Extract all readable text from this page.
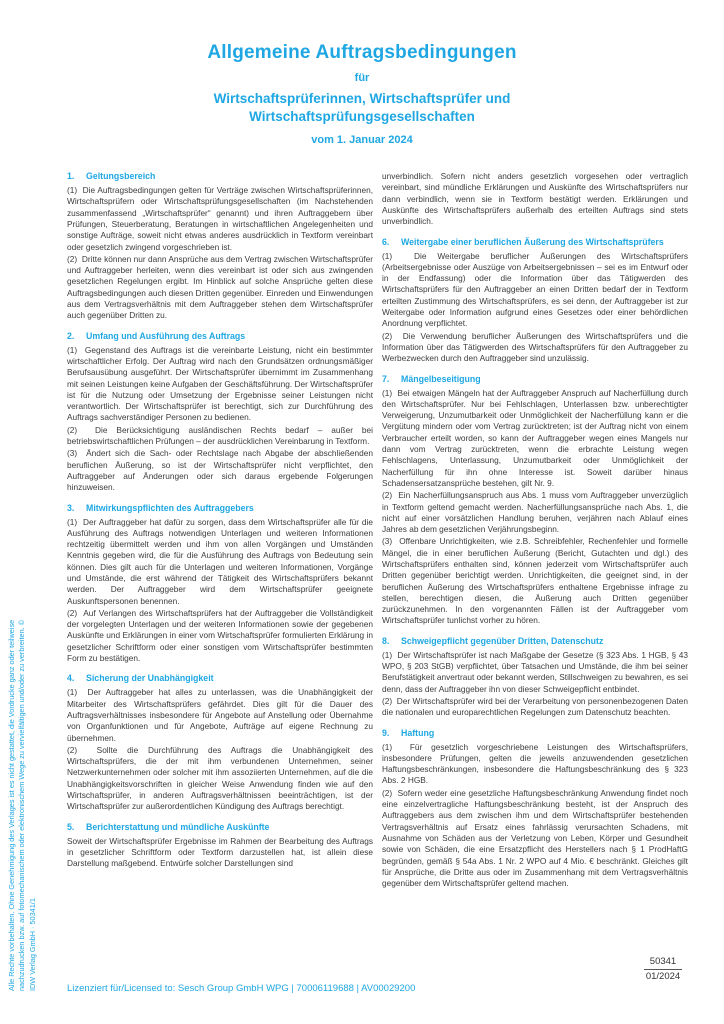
Alle Rechte vorbehalten. Ohne Genehmigung des Verlages ist es nicht gestattet, die Vordrucke ganz oder teilweise nachzudrucken bzw. auf fotomechanischem oder elektronischem Wege zu vervielfältigen und/oder zu verbreiten. © IDW Verlag GmbH · 50341/1
Allgemeine Auftragsbedingungen
für
Wirtschaftsprüferinnen, Wirtschaftsprüfer und
Wirtschaftsprüfungsgesellschaften
vom 1. Januar 2024
1.	Geltungsbereich

(1)  Die Auftragsbedingungen gelten für Verträge zwischen Wirtschaftsprüferinnen, Wirtschaftsprüfern oder Wirtschaftsprüfungsgesellschaften (im Nachstehenden zusammenfassend „Wirtschaftsprüfer“ genannt) und ihren Auftraggebern über Prüfungen, Steuerberatung, Beratungen in wirtschaftlichen Angelegenheiten und sonstige Aufträge, soweit nicht etwas anderes ausdrücklich in Textform vereinbart oder gesetzlich zwingend vorgeschrieben ist.

(2)  Dritte können nur dann Ansprüche aus dem Vertrag zwischen Wirtschaftsprüfer und Auftraggeber herleiten, wenn dies vereinbart ist oder sich aus zwingenden gesetzlichen Regelungen ergibt. Im Hinblick auf solche Ansprüche gelten diese Auftragsbedingungen auch diesen Dritten gegenüber. Einreden und Einwendungen aus dem Vertragsverhältnis mit dem Auftraggeber stehen dem Wirtschaftsprüfer auch gegenüber Dritten zu.

2.	Umfang und Ausführung des Auftrags

(1)  Gegenstand des Auftrags ist die vereinbarte Leistung, nicht ein bestimmter wirtschaftlicher Erfolg. Der Auftrag wird nach den Grundsätzen ordnungsmäßiger Berufsausübung ausgeführt. Der Wirtschaftsprüfer übernimmt im Zusammenhang mit seinen Leistungen keine Aufgaben der Geschäftsführung. Der Wirtschaftsprüfer ist für die Nutzung oder Umsetzung der Ergebnisse seiner Leistungen nicht verantwortlich. Der Wirtschaftsprüfer ist berechtigt, sich zur Durchführung des Auftrags sachverständiger Personen zu bedienen.

(2)  Die Berücksichtigung ausländischen Rechts bedarf – außer bei betriebswirtschaftlichen Prüfungen – der ausdrücklichen Vereinbarung in Textform.

(3)  Ändert sich die Sach- oder Rechtslage nach Abgabe der abschließenden beruflichen Äußerung, so ist der Wirtschaftsprüfer nicht verpflichtet, den Auftraggeber auf Änderungen oder sich daraus ergebende Folgerungen hinzuweisen.

3.	Mitwirkungspflichten des Auftraggebers

(1)  Der Auftraggeber hat dafür zu sorgen, dass dem Wirtschaftsprüfer alle für die Ausführung des Auftrags notwendigen Unterlagen und weiteren Informationen rechtzeitig übermittelt werden und ihm von allen Vorgängen und Umständen Kenntnis gegeben wird, die für die Ausführung des Auftrags von Bedeutung sein können. Dies gilt auch für die Unterlagen und weiteren Informationen, Vorgänge und Umstände, die erst während der Tätigkeit des Wirtschaftsprüfers bekannt werden. Der Auftraggeber wird dem Wirtschaftsprüfer geeignete Auskunftspersonen benennen.

(2)  Auf Verlangen des Wirtschaftsprüfers hat der Auftraggeber die Vollständigkeit der vorgelegten Unterlagen und der weiteren Informationen sowie der gegebenen Auskünfte und Erklärungen in einer vom Wirtschaftsprüfer formulierten Erklärung in gesetzlicher Schriftform oder einer sonstigen vom Wirtschaftsprüfer bestimmten Form zu bestätigen.

4.	Sicherung der Unabhängigkeit

(1)  Der Auftraggeber hat alles zu unterlassen, was die Unabhängigkeit der Mitarbeiter des Wirtschaftsprüfers gefährdet. Dies gilt für die Dauer des Auftragsverhältnisses insbesondere für Angebote auf Anstellung oder Übernahme von Organfunktionen und für Angebote, Aufträge auf eigene Rechnung zu übernehmen.

(2)  Sollte die Durchführung des Auftrags die Unabhängigkeit des Wirtschaftsprüfers, die der mit ihm verbundenen Unternehmen, seiner Netzwerkunternehmen oder solcher mit ihm assoziierten Unternehmen, auf die die Unabhängigkeitsvorschriften in gleicher Weise Anwendung finden wie auf den Wirtschaftsprüfer, in anderen Auftragsverhältnissen beeinträchtigen, ist der Wirtschaftsprüfer zur außerordentlichen Kündigung des Auftrags berechtigt.

5.	Berichterstattung und mündliche Auskünfte

Soweit der Wirtschaftsprüfer Ergebnisse im Rahmen der Bearbeitung des Auftrags in gesetzlicher Schriftform oder Textform darzustellen hat, ist allein diese Darstellung maßgebend. Entwürfe solcher Darstellungen sind

unverbindlich. Sofern nicht anders gesetzlich vorgesehen oder vertraglich vereinbart, sind mündliche Erklärungen und Auskünfte des Wirtschaftsprüfers nur dann verbindlich, wenn sie in Textform bestätigt werden. Erklärungen und Auskünfte des Wirtschaftsprüfers außerhalb des erteilten Auftrags sind stets unverbindlich.

6.	Weitergabe einer beruflichen Äußerung des Wirtschaftsprüfers

(1)  Die Weitergabe beruflicher Äußerungen des Wirtschaftsprüfers (Arbeitsergebnisse oder Auszüge von Arbeitsergebnissen – sei es im Entwurf oder in der Endfassung) oder die Information über das Tätigwerden des Wirtschaftsprüfers für den Auftraggeber an einen Dritten bedarf der in Textform erteilten Zustimmung des Wirtschaftsprüfers, es sei denn, der Auftraggeber ist zur Weitergabe oder Information aufgrund eines Gesetzes oder einer behördlichen Anordnung verpflichtet.

(2)  Die Verwendung beruflicher Äußerungen des Wirtschaftsprüfers und die Information über das Tätigwerden des Wirtschaftsprüfers für den Auftraggeber zu Werbezwecken durch den Auftraggeber sind unzulässig.

7.	Mängelbeseitigung

(1)  Bei etwaigen Mängeln hat der Auftraggeber Anspruch auf Nacherfüllung durch den Wirtschaftsprüfer. Nur bei Fehlschlagen, Unterlassen bzw. unberechtigter Verweigerung, Unzumutbarkeit oder Unmöglichkeit der Nacherfüllung kann er die Vergütung mindern oder vom Vertrag zurücktreten; ist der Auftrag nicht von einem Verbraucher erteilt worden, so kann der Auftraggeber wegen eines Mangels nur dann vom Vertrag zurücktreten, wenn die erbrachte Leistung wegen Fehlschlagens, Unterlassung, Unzumutbarkeit oder Unmöglichkeit der Nacherfüllung für ihn ohne Interesse ist. Soweit darüber hinaus Schadensersatzansprüche bestehen, gilt Nr. 9.

(2)  Ein Nacherfüllungsanspruch aus Abs. 1 muss vom Auftraggeber unverzüglich in Textform geltend gemacht werden. Nacherfüllungsansprüche nach Abs. 1, die nicht auf einer vorsätzlichen Handlung beruhen, verjähren nach Ablauf eines Jahres ab dem gesetzlichen Verjährungsbeginn.

(3)  Offenbare Unrichtigkeiten, wie z.B. Schreibfehler, Rechenfehler und formelle Mängel, die in einer beruflichen Äußerung (Bericht, Gutachten und dgl.) des Wirtschaftsprüfers enthalten sind, können jederzeit vom Wirtschaftsprüfer auch Dritten gegenüber berichtigt werden. Unrichtigkeiten, die geeignet sind, in der beruflichen Äußerung des Wirtschaftsprüfers enthaltene Ergebnisse infrage zu stellen, berechtigen diesen, die Äußerung auch Dritten gegenüber zurückzunehmen. In den vorgenannten Fällen ist der Auftraggeber vom Wirtschaftsprüfer tunlichst vorher zu hören.

8.	Schweigepflicht gegenüber Dritten, Datenschutz

(1)  Der Wirtschaftsprüfer ist nach Maßgabe der Gesetze (§ 323 Abs. 1 HGB, § 43 WPO, § 203 StGB) verpflichtet, über Tatsachen und Umstände, die ihm bei seiner Berufstätigkeit anvertraut oder bekannt werden, Stillschweigen zu bewahren, es sei denn, dass der Auftraggeber ihn von dieser Schweigepflicht entbindet.

(2)  Der Wirtschaftsprüfer wird bei der Verarbeitung von personenbezogenen Daten die nationalen und europarechtlichen Regelungen zum Datenschutz beachten.

9.	Haftung

(1)  Für gesetzlich vorgeschriebene Leistungen des Wirtschaftsprüfers, insbesondere Prüfungen, gelten die jeweils anzuwendenden gesetzlichen Haftungsbeschränkungen, insbesondere die Haftungsbeschränkung des § 323 Abs. 2 HGB.

(2)  Sofern weder eine gesetzliche Haftungsbeschränkung Anwendung findet noch eine einzelvertragliche Haftungsbeschränkung besteht, ist der Anspruch des Auftraggebers aus dem zwischen ihm und dem Wirtschaftsprüfer bestehenden Vertragsverhältnis auf Ersatz eines fahrlässig verursachten Schadens, mit Ausnahme von Schäden aus der Verletzung von Leben, Körper und Gesundheit sowie von Schäden, die eine Ersatzpflicht des Herstellers nach § 1 ProdHaftG begründen, gemäß § 54a Abs. 1 Nr. 2 WPO auf 4 Mio. € beschränkt. Gleiches gilt für Ansprüche, die Dritte aus oder im Zusammenhang mit dem Vertragsverhältnis gegenüber dem Wirtschaftsprüfer geltend machen.

Lizenziert für/Licensed to: Sesch Group GmbH WPG | 70006119688 | AV00029200
50341
01/2024
